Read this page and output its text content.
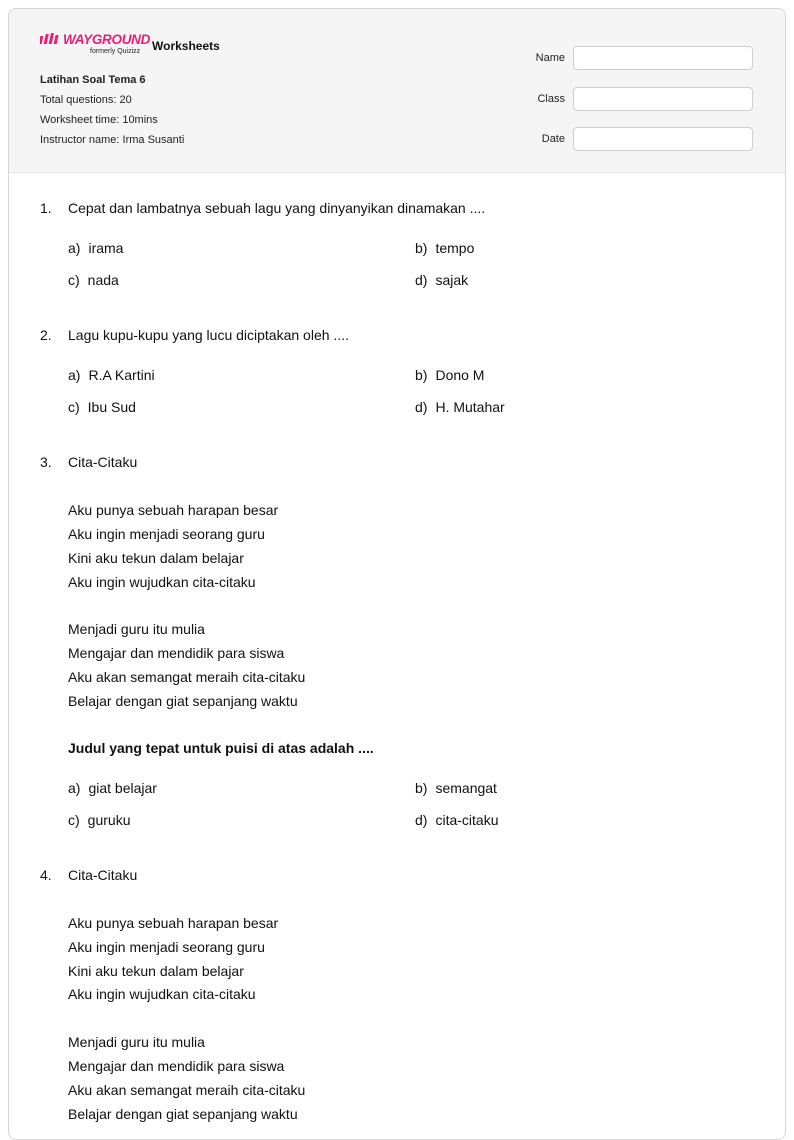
WAYGROUND
formerly Quizizz Worksheets
Latihan Soal Tema 6
Total questions: 20
Worksheet time: 10mins
Instructor name: Irma Susanti
Name
Class
Date
1. Cepat dan lambatnya sebuah lagu yang dinyanyikan dinamakan ....
a) irama	b) tempo
c) nada	d) sajak
2. Lagu kupu-kupu yang lucu diciptakan oleh ....
a) R.A Kartini	b) Dono M
c) Ibu Sud	d) H. Mutahar
3. Cita-Citaku
Aku punya sebuah harapan besar
Aku ingin menjadi seorang guru
Kini aku tekun dalam belajar
Aku ingin wujudkan cita-citaku
Menjadi guru itu mulia
Mengajar dan mendidik para siswa
Aku akan semangat meraih cita-citaku
Belajar dengan giat sepanjang waktu
Judul yang tepat untuk puisi di atas adalah ....
a) giat belajar	b) semangat
c) guruku	d) cita-citaku
4. Cita-Citaku
Aku punya sebuah harapan besar
Aku ingin menjadi seorang guru
Kini aku tekun dalam belajar
Aku ingin wujudkan cita-citaku
Menjadi guru itu mulia
Mengajar dan mendidik para siswa
Aku akan semangat meraih cita-citaku
Belajar dengan giat sepanjang waktu
